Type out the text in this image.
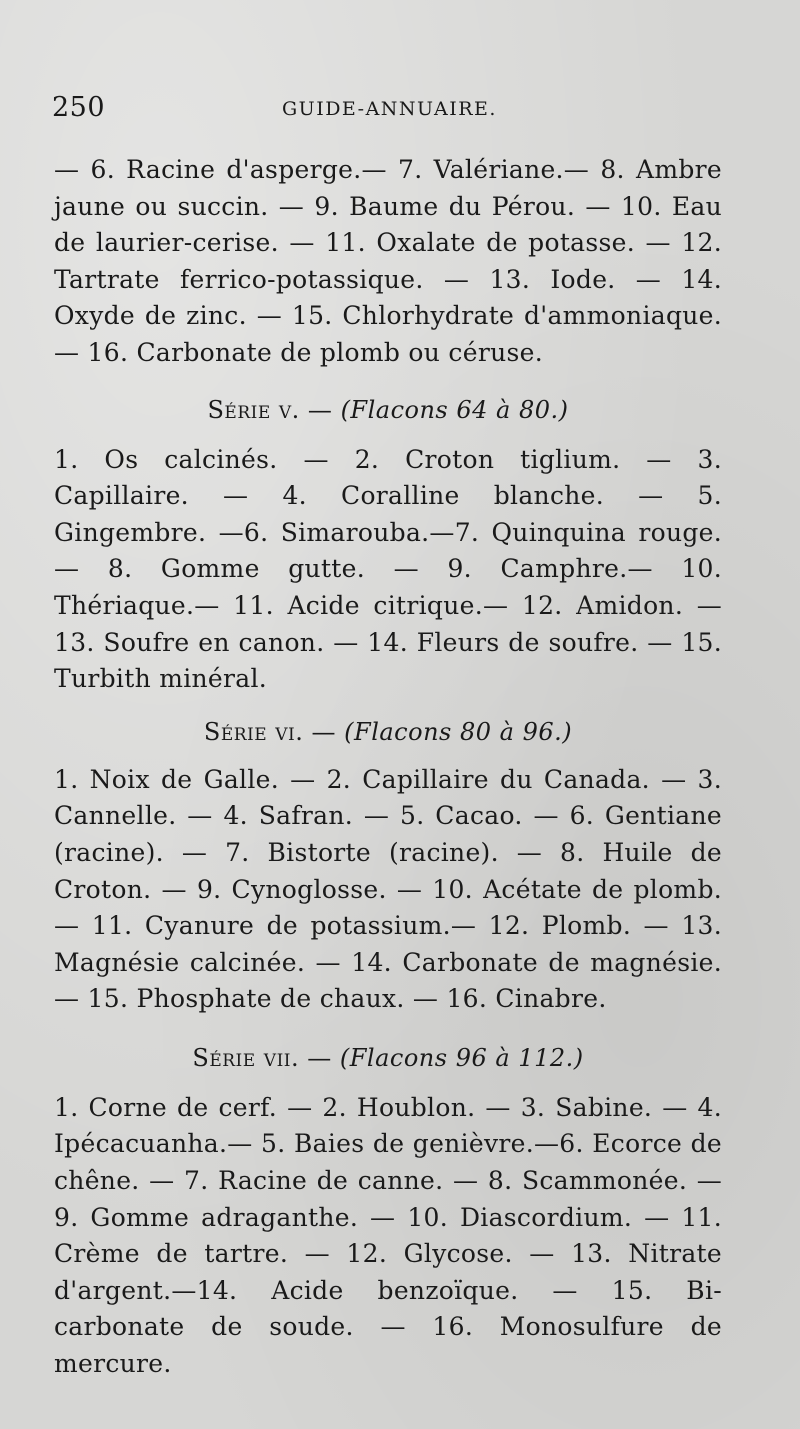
250	GUIDE-ANNUAIRE.

— 6. Racine d'asperge.— 7. Valériane.— 8. Ambre jaune ou succin. — 9. Baume du Pérou. — 10. Eau de laurier-cerise. — 11. Oxalate de potasse. — 12. Tartrate ferrico-potassique. — 13. Iode. — 14. Oxyde de zinc. — 15. Chlorhydrate d'ammoniaque. — 16. Carbonate de plomb ou céruse.

Série v. — (Flacons 64 à 80.)

1. Os calcinés. — 2. Croton tiglium. — 3. Capillaire. — 4. Coralline blanche. — 5. Gingembre. —6. Simarouba.—7. Quinquina rouge.— 8. Gomme gutte. — 9. Camphre.— 10. Thériaque.— 11. Acide citrique.— 12. Amidon. — 13. Soufre en canon. — 14. Fleurs de soufre. — 15. Turbith minéral.

Série vi. — (Flacons 80 à 96.)

1. Noix de Galle. — 2. Capillaire du Canada. — 3. Cannelle. — 4. Safran. — 5. Cacao. — 6. Gentiane (racine). — 7. Bistorte (racine). — 8. Huile de Croton. — 9. Cynoglosse. — 10. Acétate de plomb. — 11. Cyanure de potassium.— 12. Plomb. — 13. Magnésie calcinée. — 14. Carbonate de magnésie. — 15. Phosphate de chaux. — 16. Cinabre.

Série vii. — (Flacons 96 à 112.)

1. Corne de cerf. — 2. Houblon. — 3. Sabine. — 4. Ipécacuanha.— 5. Baies de genièvre.—6. Ecorce de chêne. — 7. Racine de canne. — 8. Scammonée. — 9. Gomme adraganthe. — 10. Diascordium. — 11. Crème de tartre. — 12. Glycose. — 13. Nitrate d'argent.—14. Acide benzoïque. — 15. Bi-carbonate de soude. — 16. Monosulfure de mercure.
